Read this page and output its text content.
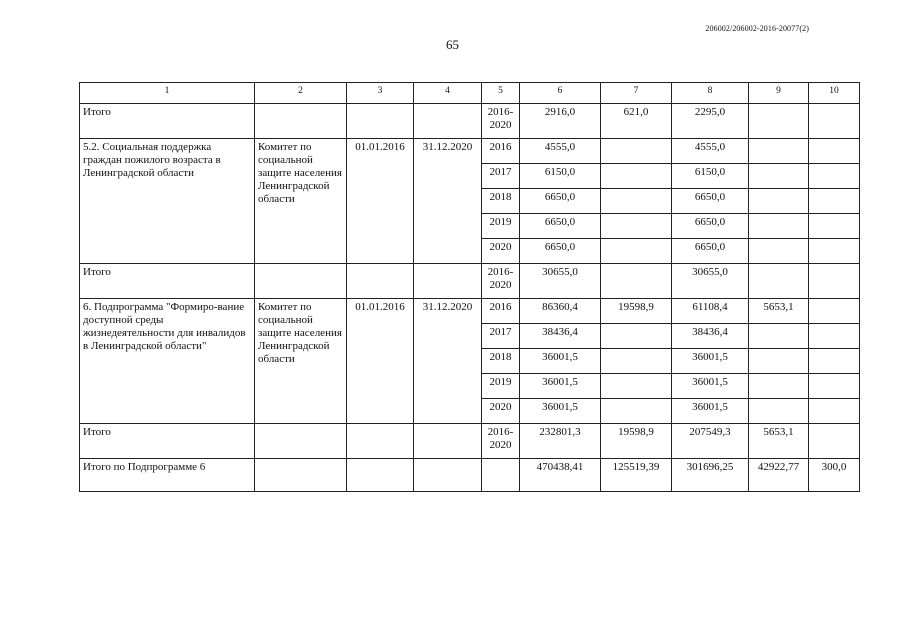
206002/206002-2016-20077(2)
65
1	2	3	4	5	6	7	8	9	10
Итого				2016-2020	2916,0	621,0	2295,0		
5.2. Социальная поддержка граждан пожилого возраста в Ленинградской области	Комитет по социальной защите населения Ленинградской области	01.01.2016	31.12.2020	2016	4555,0		4555,0		
				2017	6150,0		6150,0		
				2018	6650,0		6650,0		
				2019	6650,0		6650,0		
				2020	6650,0		6650,0		
Итого				2016-2020	30655,0		30655,0		
6. Подпрограмма "Формиро-вание доступной среды жизнедеятельности для инвалидов в Ленинградской области"	Комитет по социальной защите населения Ленинградской области	01.01.2016	31.12.2020	2016	86360,4	19598,9	61108,4	5653,1	
				2017	38436,4		38436,4		
				2018	36001,5		36001,5		
				2019	36001,5		36001,5		
				2020	36001,5		36001,5		
Итого				2016-2020	232801,3	19598,9	207549,3	5653,1	
Итого по Подпрограмме 6					470438,41	125519,39	301696,25	42922,77	300,0
